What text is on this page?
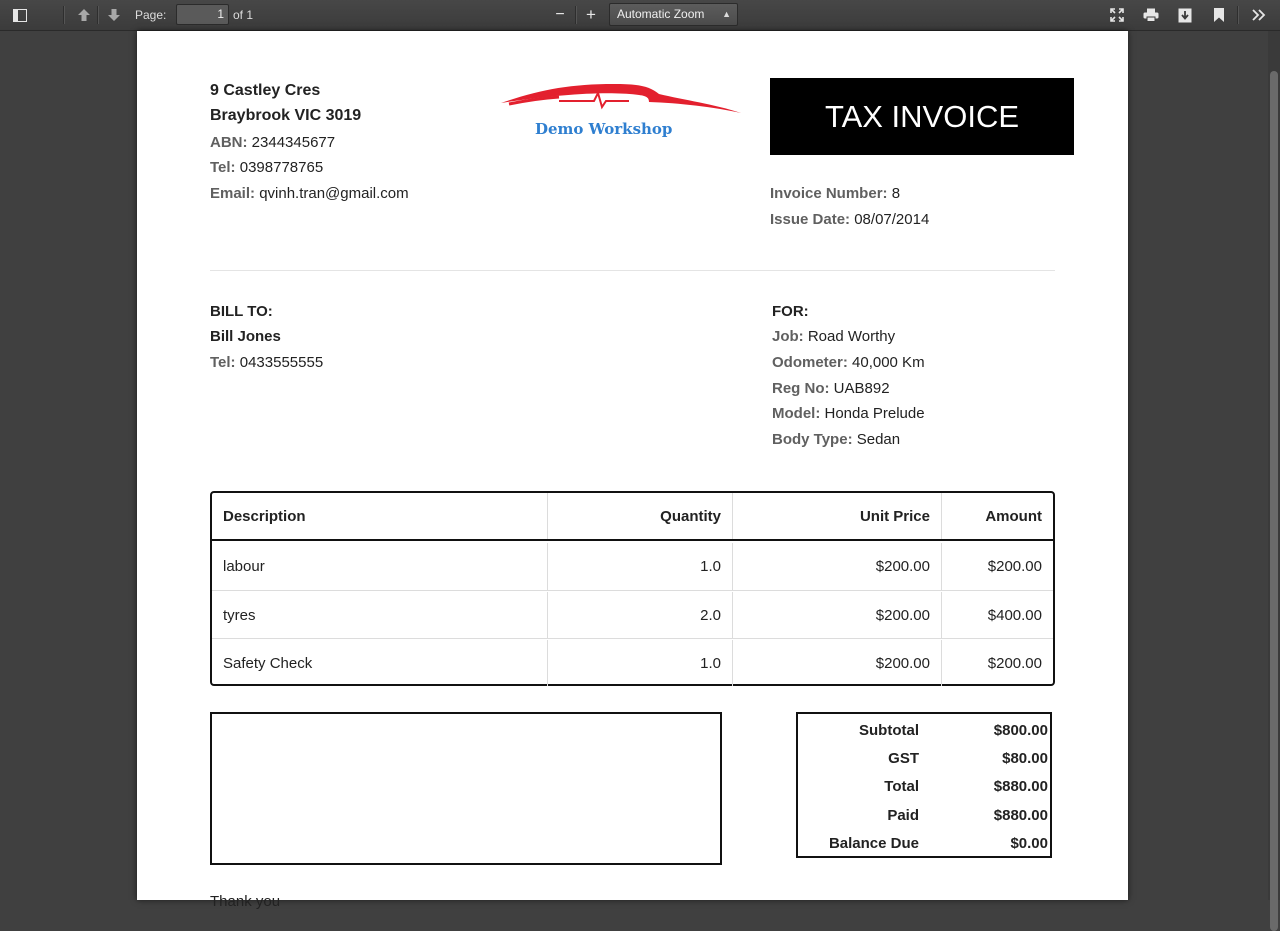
Page:	1 of 1	− +	Automatic Zoom ▲

9 Castley Cres
Braybrook VIC 3019
ABN: 2344345677
Tel: 0398778765
Email: qvinh.tran@gmail.com
Demo Workshop	TAX INVOICE
Invoice Number: 8
Issue Date: 08/07/2014
BILL TO:
Bill Jones
Tel: 0433555555
FOR:
Job: Road Worthy
Odometer: 40,000 Km
Reg No: UAB892
Model: Honda Prelude
Body Type: Sedan
Description	Quantity	Unit Price	Amount
labour	1.0	$200.00	$200.00
tyres	2.0	$200.00	$400.00
Safety Check	1.0	$200.00	$200.00
Subtotal	$800.00
GST	$80.00
Total	$880.00
Paid	$880.00
Balance Due	$0.00
Thank you
